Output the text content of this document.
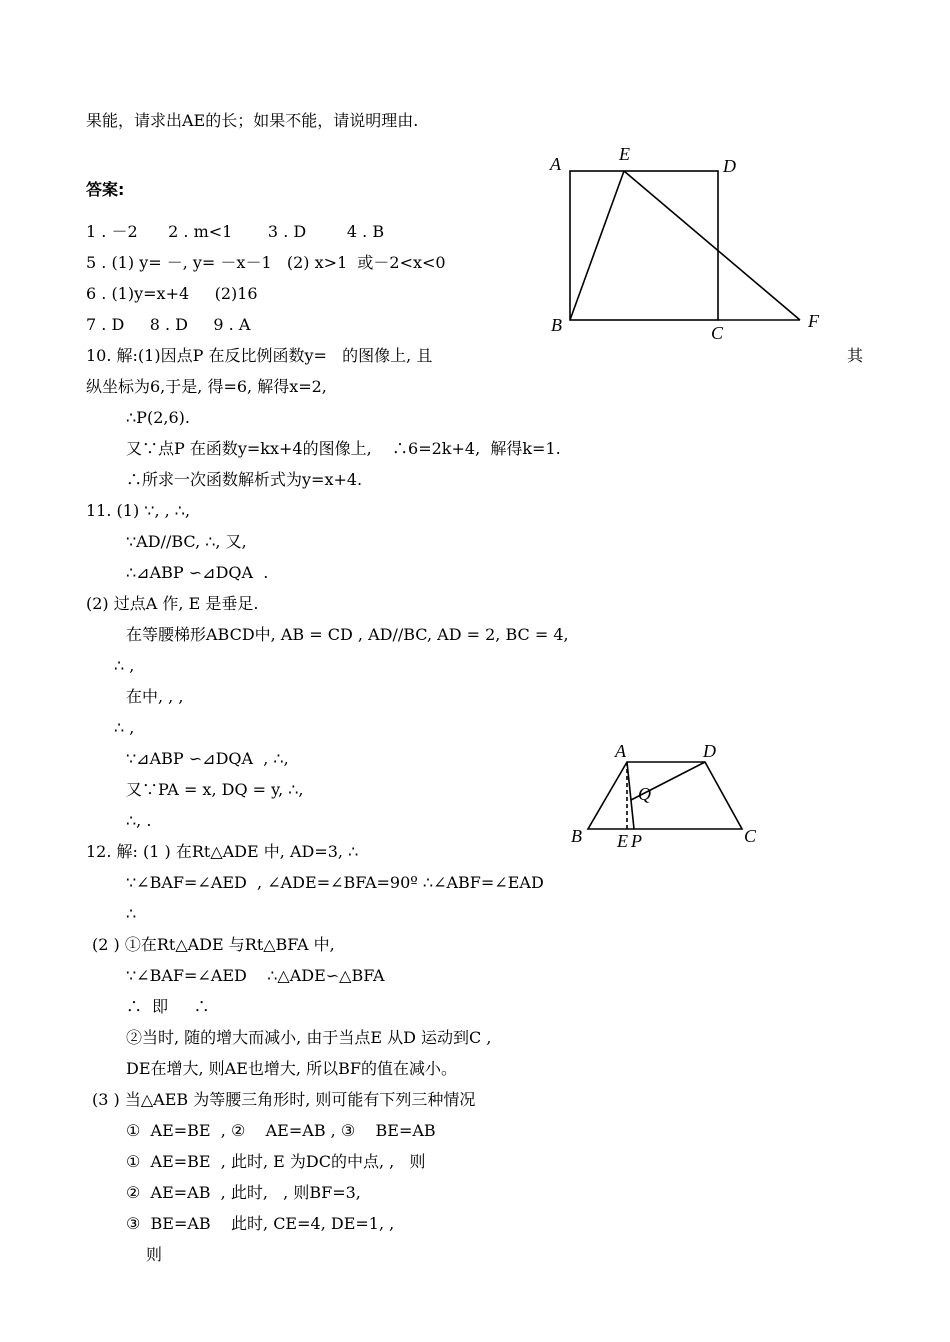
果能，请求出AE的长；如果不能，请说明理由.
答案:
1 . －2      2 . m<1       3 . D        4 . B
5 . (1) y= －, y= －x－1   (2) x>1  或－2<x<0
6 . (1)y=x+4     (2)16
7 . D     8 . D     9 . A
10. 解:(1)因点P 在反比例函数y=   的图像上, 且	其
纵坐标为6,于是, 得=6, 解得x=2,
∴P(2,6).
又∵点P 在函数y=kx+4的图像上,    ∴6=2k+4,  解得k=1.
∴所求一次函数解析式为y=x+4.
11. (1) ∵, , ∴,
∵AD//BC, ∴, 又,
∴⊿ABP ∽⊿DQA  .
(2) 过点A 作, E 是垂足.
在等腰梯形ABCD中, AB = CD , AD//BC, AD = 2, BC = 4,
∴ ,
在中, , ,
∴ ,
∵⊿ABP ∽⊿DQA  , ∴,
又∵PA = x, DQ = y, ∴,
∴, .
12. 解: (1 ) 在Rt△ADE 中, AD=3, ∴
∵∠BAF=∠AED  , ∠ADE=∠BFA=90º ∴∠ABF=∠EAD
∴
(2 ) ①在Rt△ADE 与Rt△BFA 中,
∵∠BAF=∠AED    ∴△ADE∽△BFA
∴  即     ∴
②当时, 随的增大而减小, 由于当点E 从D 运动到C ,
DE在增大, 则AE也增大, 所以BF的值在减小。
(3 ) 当△AEB 为等腰三角形时, 则可能有下列三种情况
①  AE=BE  , ②    AE=AB , ③    BE=AB
①  AE=BE  , 此时, E 为DC的中点, ,   则
②  AE=AB  , 此时,   , 则BF=3,
③  BE=AB    此时, CE=4, DE=1, ,
则
A	E
D
B	C
F
A	D
Q
B E P	C
